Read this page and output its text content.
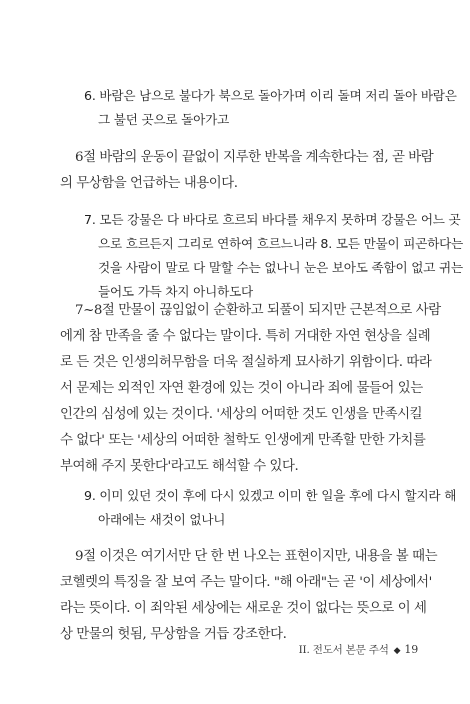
6. 바람은 남으로 불다가 북으로 돌아가며 이리 돌며 저리 돌아 바람은
그 불던 곳으로 돌아가고
6절 바람의 운동이 끝없이 지루한 반복을 계속한다는 점, 곧 바람
의 무상함을 언급하는 내용이다.
7. 모든 강물은 다 바다로 흐르되 바다를 채우지 못하며 강물은 어느 곳
으로 흐르든지 그리로 연하여 흐르느니라 8. 모든 만물이 피곤하다는
것을 사람이 말로 다 말할 수는 없나니 눈은 보아도 족함이 없고 귀는
들어도 가득 차지 아니하도다
7~8절 만물이 끊임없이 순환하고 되풀이 되지만 근본적으로 사람
에게 참 만족을 줄 수 없다는 말이다. 특히 거대한 자연 현상을 실례
로 든 것은 인생의허무함을 더욱 절실하게 묘사하기 위함이다. 따라
서 문제는 외적인 자연 환경에 있는 것이 아니라 죄에 물들어 있는
인간의 심성에 있는 것이다. '세상의 어떠한 것도 인생을 만족시킬
수 없다' 또는 '세상의 어떠한 철학도 인생에게 만족할 만한 가치를
부여해 주지 못한다'라고도 해석할 수 있다.
9. 이미 있던 것이 후에 다시 있겠고 이미 한 일을 후에 다시 할지라 해
아래에는 새것이 없나니
9절 이것은 여기서만 단 한 번 나오는 표현이지만, 내용을 볼 때는
코헬렛의 특징을 잘 보여 주는 말이다. "해 아래"는 곧 '이 세상에서'
라는 뜻이다. 이 죄악된 세상에는 새로운 것이 없다는 뜻으로 이 세
상 만물의 헛됨, 무상함을 거듭 강조한다.
II. 전도서 본문 주석 ◆ 19
